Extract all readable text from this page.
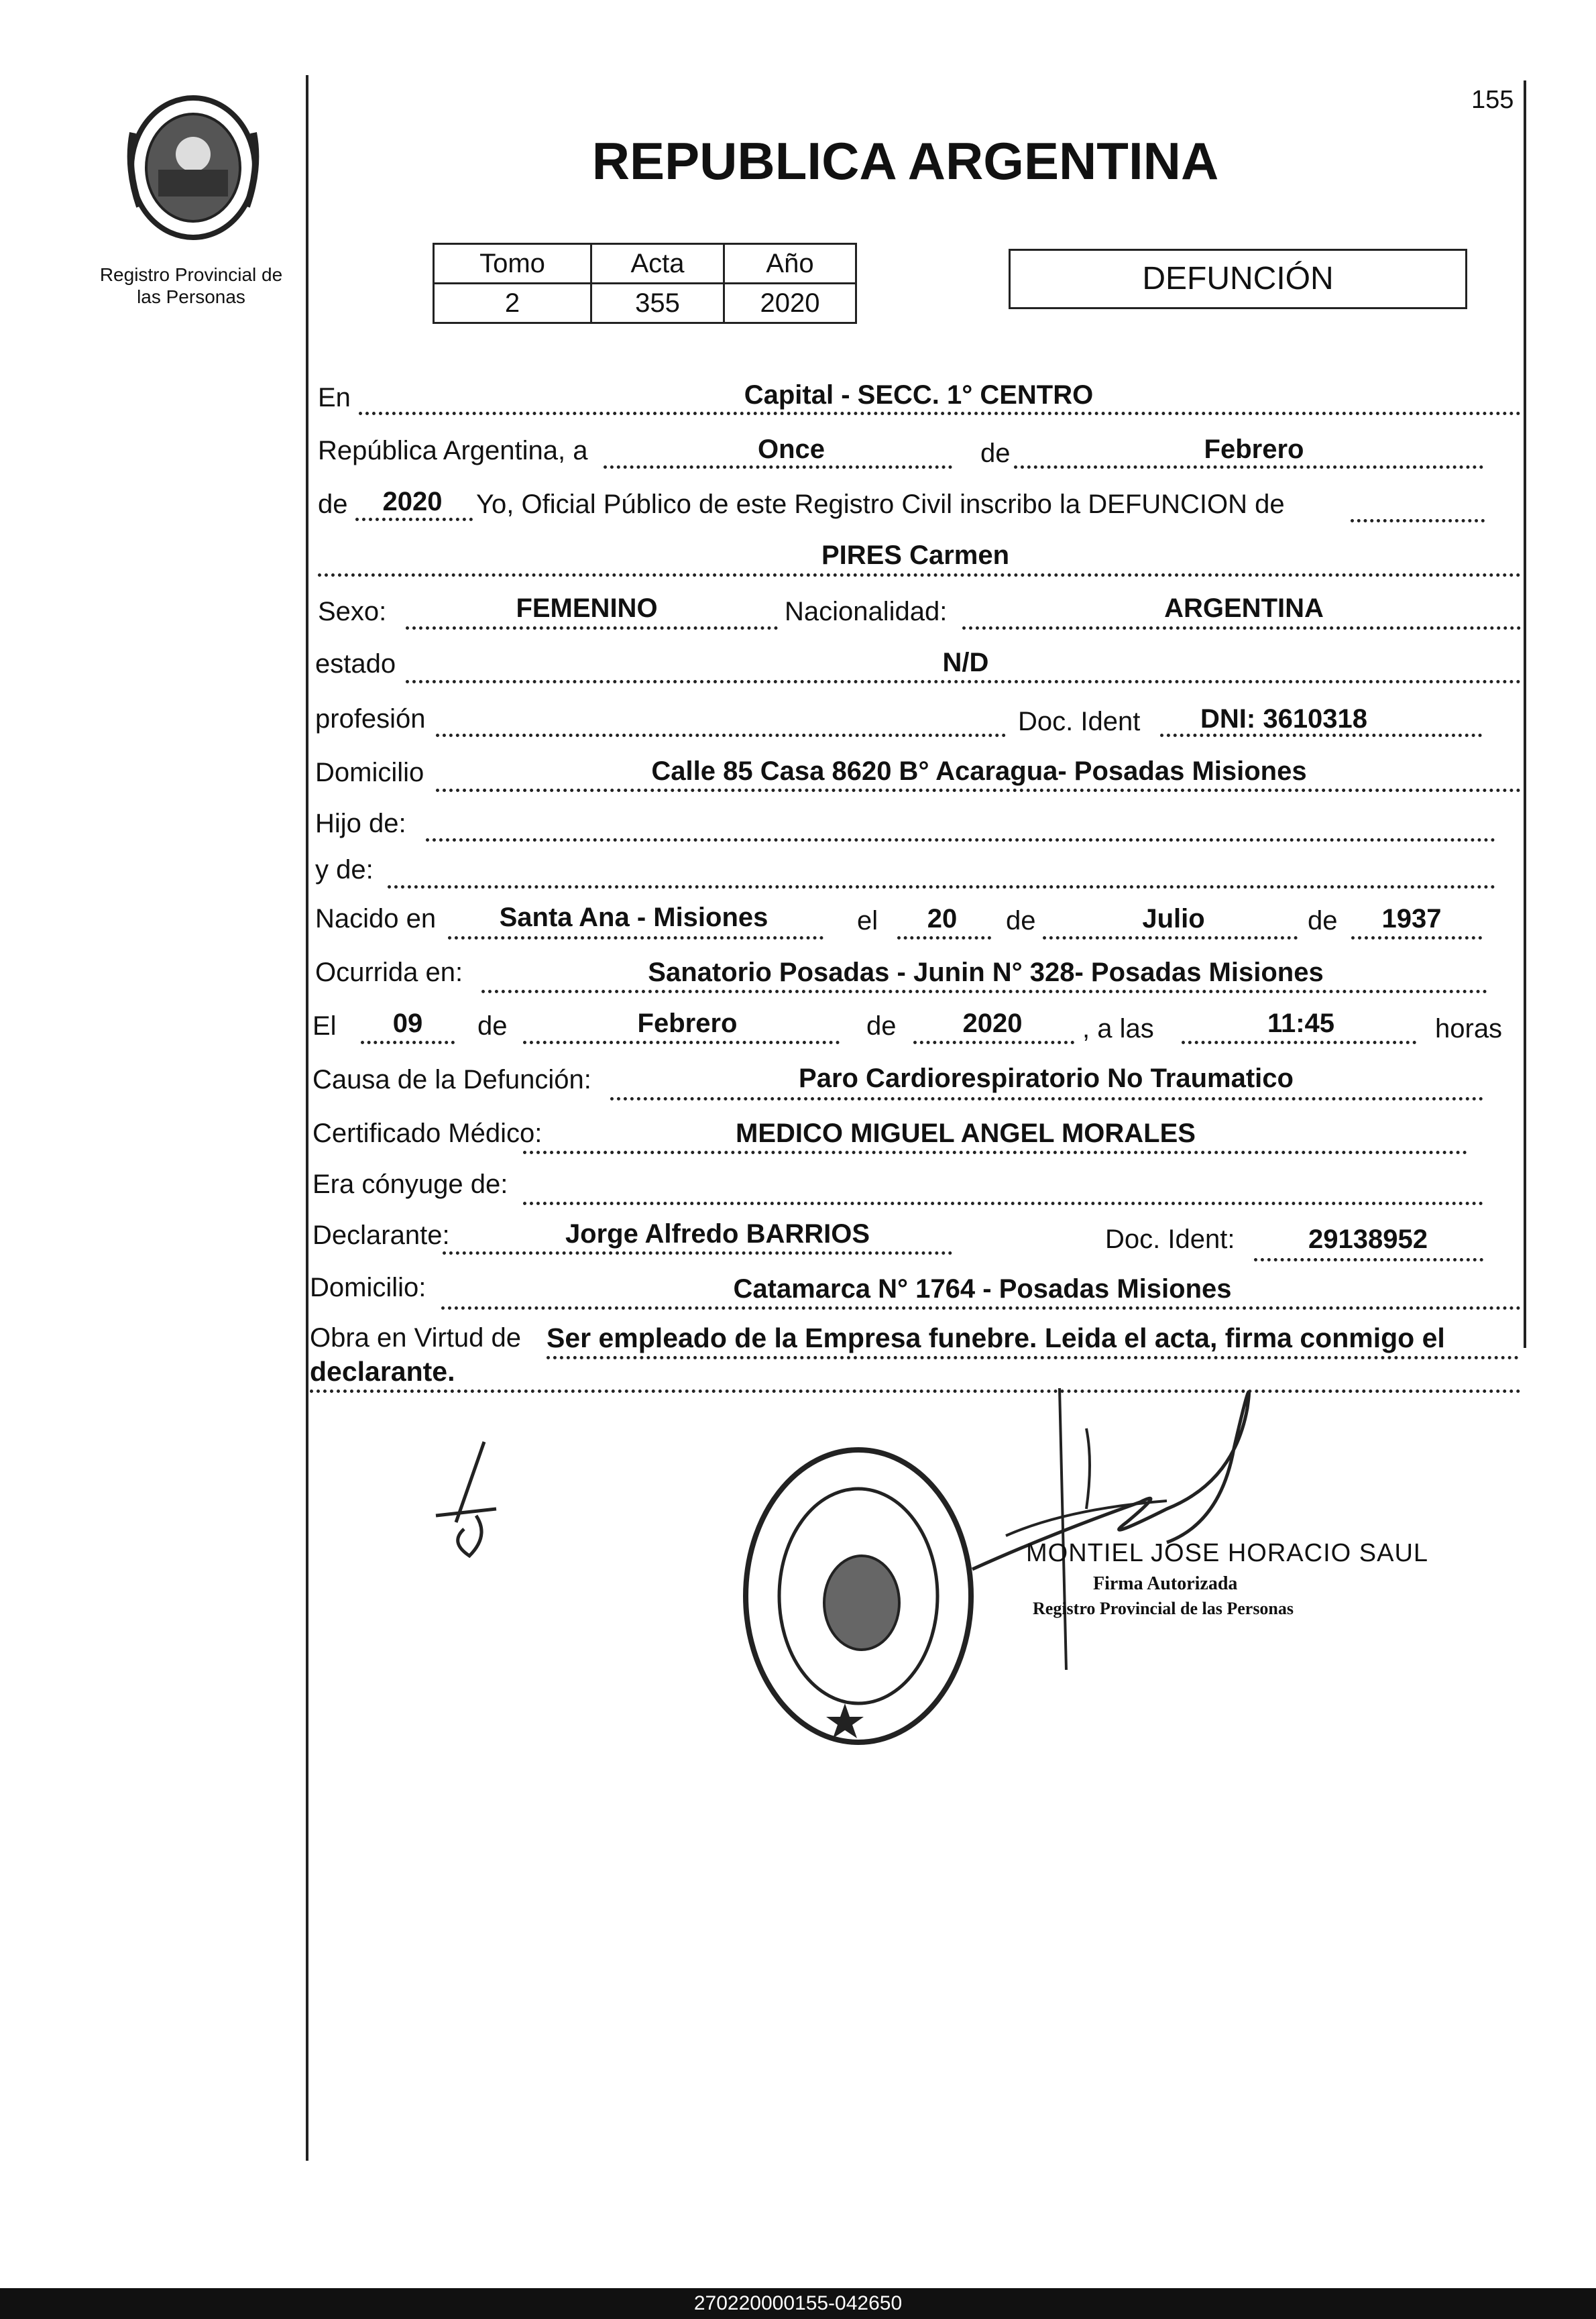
Registro Provincial de
las Personas
155
REPUBLICA ARGENTINA
Tomo	Acta	Año
2	355	2020
DEFUNCIÓN
En	Capital - SECC. 1° CENTRO
República Argentina, a	Once	de	Febrero
de	2020	Yo, Oficial Público de este Registro Civil inscribo la DEFUNCION de
PIRES Carmen
Sexo:	FEMENINO	Nacionalidad:	ARGENTINA
estado	N/D
profesión	Doc. Ident DNI: 3610318
Domicilio	Calle 85 Casa 8620 B° Acaragua- Posadas Misiones
Hijo de:
y de:
Nacido en	Santa Ana - Misiones	el	20	de	Julio	de	1937
Ocurrida en:	Sanatorio Posadas - Junin N° 328- Posadas Misiones
El	09	de	Febrero	de	2020	, a las	11:45	horas
Causa de la Defunción:	Paro Cardiorespiratorio No Traumatico
Certificado Médico:	MEDICO MIGUEL ANGEL MORALES
Era cónyuge de:
Declarante:	Jorge Alfredo BARRIOS	Doc. Ident:	29138952
Domicilio:	Catamarca N° 1764 - Posadas Misiones
Obra en Virtud de Ser empleado de la Empresa funebre. Leida el acta, firma conmigo el
declarante.
MONTIEL JOSE HORACIO SAUL
Firma Autorizada
Registro Provincial de las Personas
270220000155-042650
